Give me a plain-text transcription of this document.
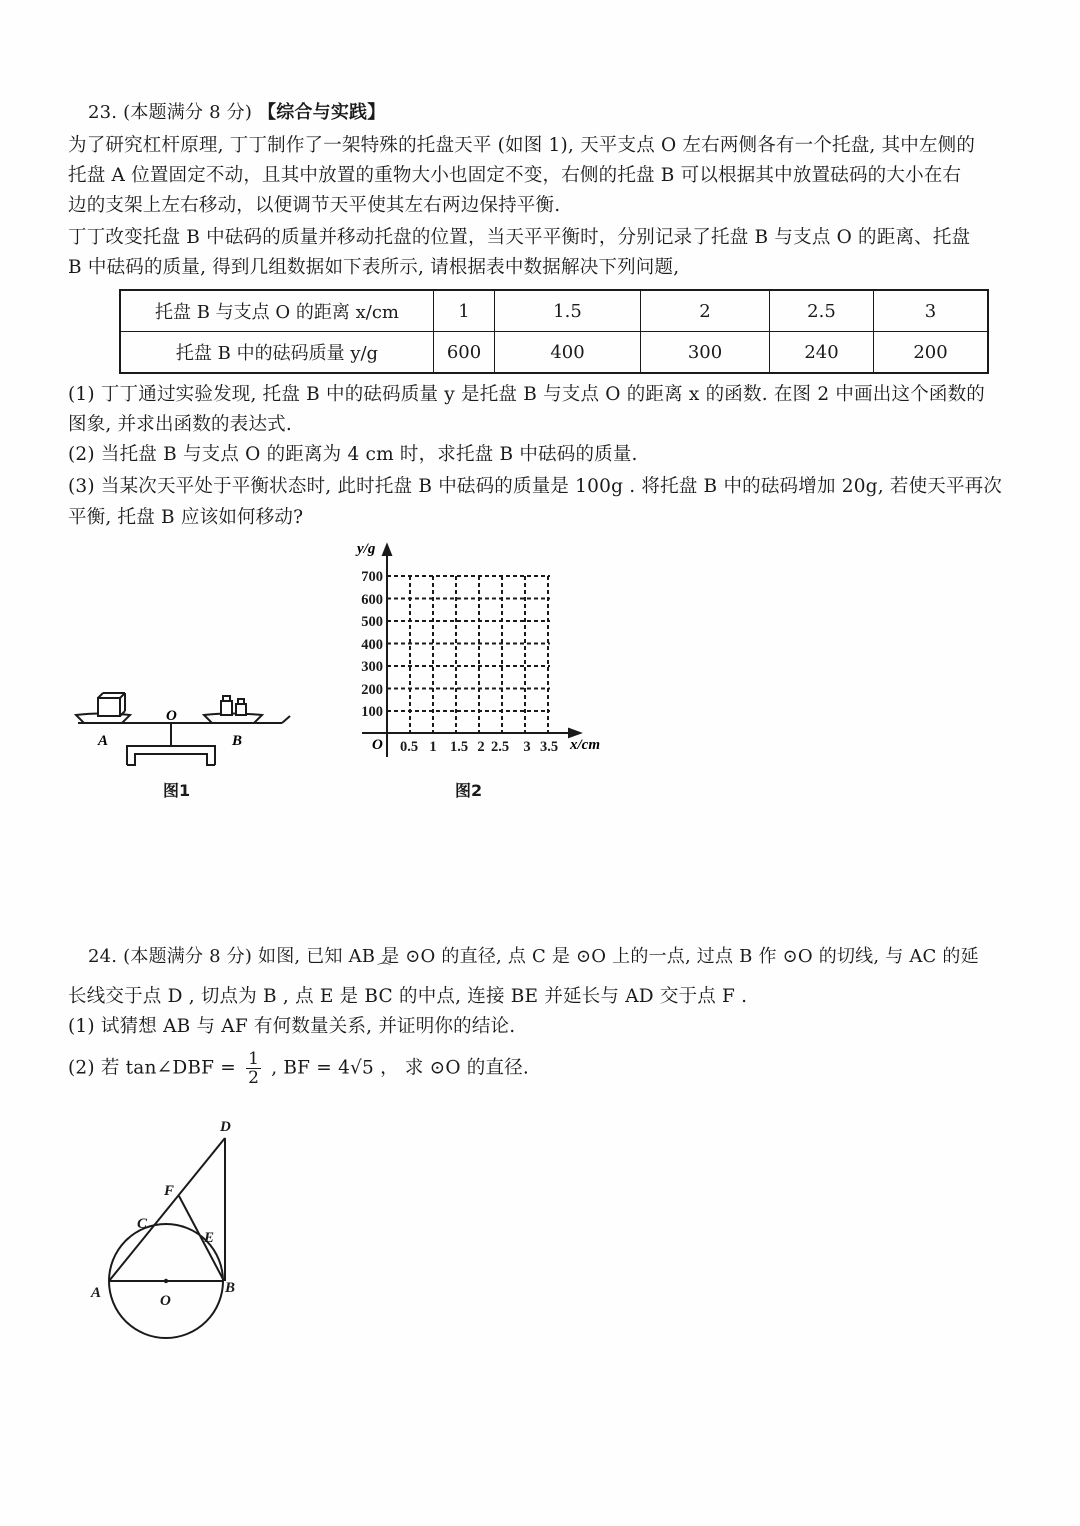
23. (本题满分 8 分) 【综合与实践】
为了研究杠杆原理, 丁丁制作了一架特殊的托盘天平 (如图 1), 天平支点 O 左右两侧各有一个托盘, 其中左侧的
托盘 A 位置固定不动，且其中放置的重物大小也固定不变，右侧的托盘 B 可以根据其中放置砝码的大小在右
边的支架上左右移动，以便调节天平使其左右两边保持平衡.
丁丁改变托盘 B 中砝码的质量并移动托盘的位置，当天平平衡时，分别记录了托盘 B 与支点 O 的距离、托盘
B 中砝码的质量, 得到几组数据如下表所示, 请根据表中数据解决下列问题,
托盘 B 与支点 O 的距离 x/cm	1	1.5	2	2.5	3
托盘 B 中的砝码质量 y/g	600	400	300	240	200
(1) 丁丁通过实验发现, 托盘 B 中的砝码质量 y 是托盘 B 与支点 O 的距离 x 的函数. 在图 2 中画出这个函数的
图象, 并求出函数的表达式.
(2) 当托盘 B 与支点 O 的距离为 4 cm 时，求托盘 B 中砝码的质量.
(3) 当某次天平处于平衡状态时, 此时托盘 B 中砝码的质量是 100g . 将托盘 B 中的砝码增加 20g, 若使天平再次
平衡, 托盘 B 应该如何移动?
O
A	B
图1
700
600
500
400
300
200
100
0.5 1 1.5 2 2.5 3 3.5
O
y/g
x/cm
图2
24. (本题满分 8 分) 如图, 已知 AB 是 ⊙O 的直径, 点 C 是 ⊙O 上的一点, 过点 B 作 ⊙O 的切线, 与 AC 的延
⌒
长线交于点 D , 切点为 B , 点 E 是 BC 的中点, 连接 BE 并延长与 AD 交于点 F .
(1) 试猜想 AB 与 AF 有何数量关系, 并证明你的结论.
(2) 若 tan∠DBF = $\frac{1}{2}$ , BF = 4√5 ， 求 ⊙O 的直径.
D
F
C
E
A	B
O
